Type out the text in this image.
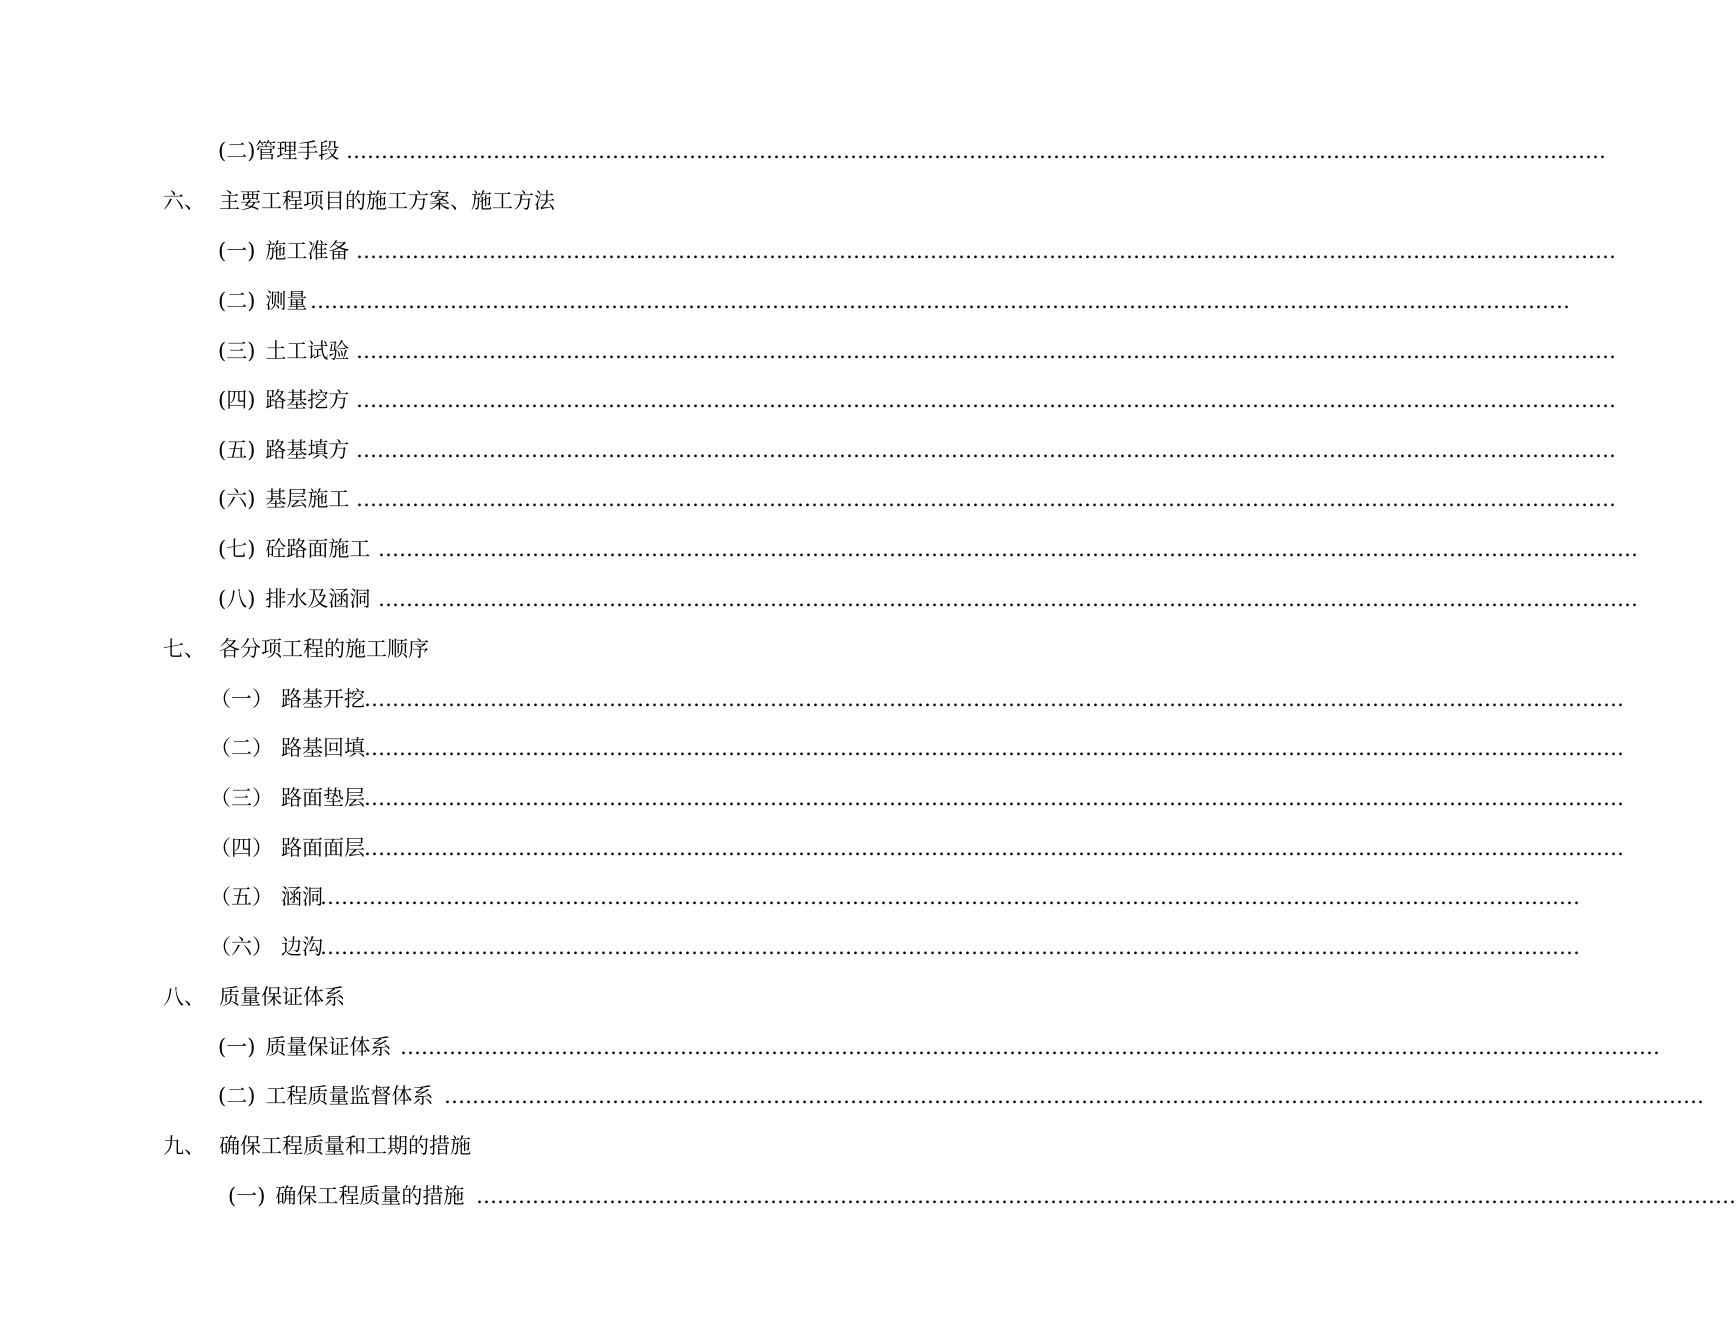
(二)管理手段 ………………………………………………………………………………………………………………………………………………………………
六、 主要工程项目的施工方案、施工方法
(一) 施工准备 ………………………………………………………………………………………………………………………………………………………………
(二) 测量 ………………………………………………………………………………………………………………………………………………………………
(三) 土工试验 ………………………………………………………………………………………………………………………………………………………………
(四) 路基挖方 ………………………………………………………………………………………………………………………………………………………………
(五) 路基填方 ………………………………………………………………………………………………………………………………………………………………
(六) 基层施工 ………………………………………………………………………………………………………………………………………………………………
(七) 砼路面施工 ………………………………………………………………………………………………………………………………………………………………
(八) 排水及涵洞 ………………………………………………………………………………………………………………………………………………………………
七、 各分项工程的施工顺序
（一） 路基开挖 ………………………………………………………………………………………………………………………………………………………………
（二） 路基回填 ………………………………………………………………………………………………………………………………………………………………
（三） 路面垫层 ………………………………………………………………………………………………………………………………………………………………
（四） 路面面层 ………………………………………………………………………………………………………………………………………………………………
（五） 涵洞
………………………………………………………………………………………………………………………………………………………………
（六） 边沟
………………………………………………………………………………………………………………………………………………………………
八、 质量保证体系
(一) 质量保证体系 ………………………………………………………………………………………………………………………………………………………………
(二) 工程质量监督体系 ………………………………………………………………………………………………………………………………………………………………
九、 确保工程质量和工期的措施
(一) 确保工程质量的措施 ………………………………………………………………………………………………………………………………………………………………
